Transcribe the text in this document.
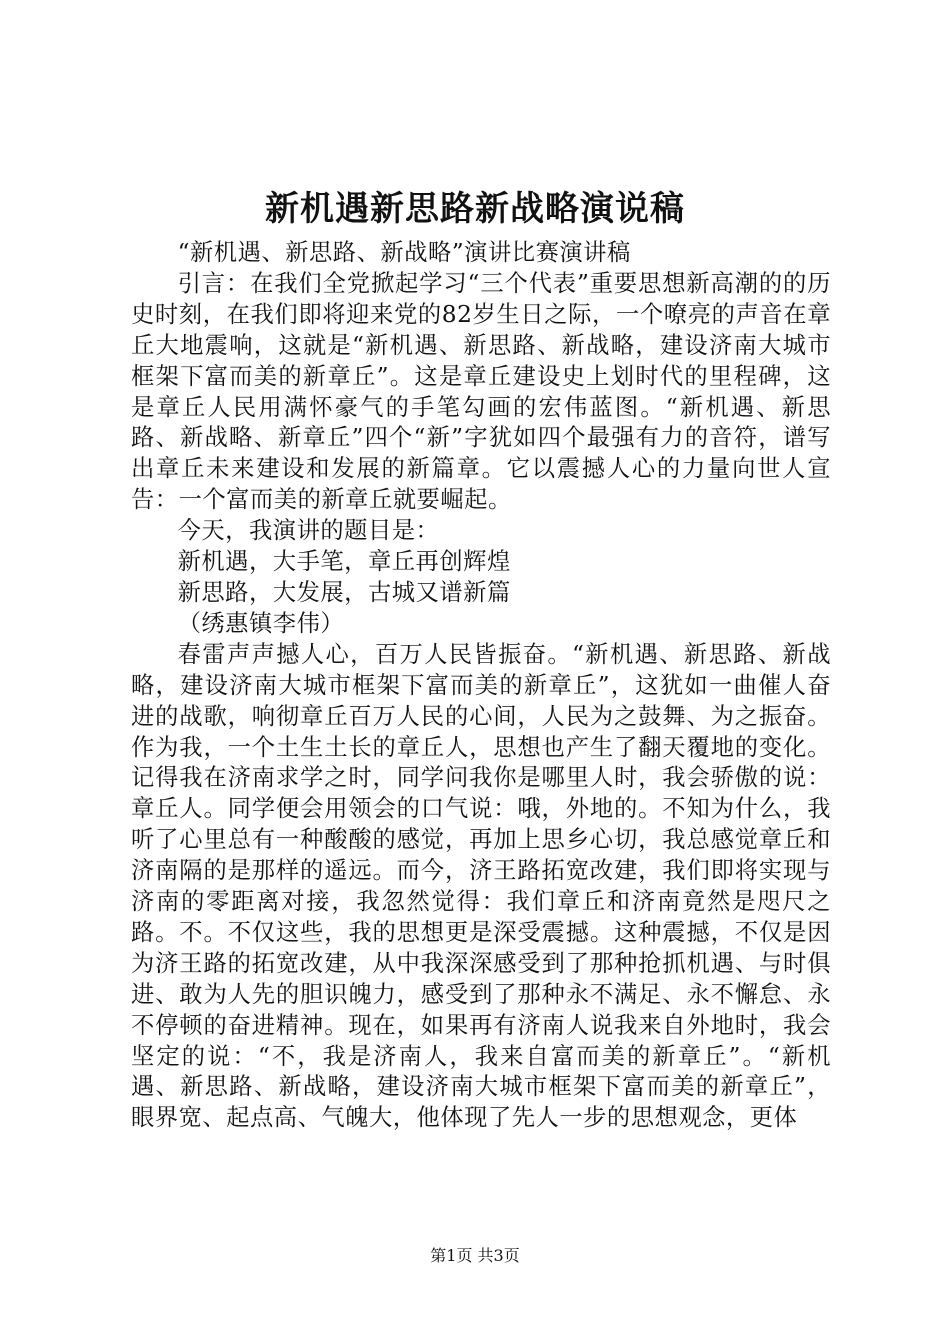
新机遇新思路新战略演说稿

“新机遇、新思路、新战略”演讲比赛演讲稿

引言：在我们全党掀起学习“三个代表”重要思想新高潮的的历史时刻，在我们即将迎来党的82岁生日之际，一个嘹亮的声音在章丘大地震响，这就是“新机遇、新思路、新战略，建设济南大城市框架下富而美的新章丘”。这是章丘建设史上划时代的里程碑，这是章丘人民用满怀豪气的手笔勾画的宏伟蓝图。“新机遇、新思路、新战略、新章丘”四个“新”字犹如四个最强有力的音符，谱写出章丘未来建设和发展的新篇章。它以震撼人心的力量向世人宣告：一个富而美的新章丘就要崛起。

今天，我演讲的题目是：

新机遇，大手笔，章丘再创辉煌

新思路，大发展，古城又谱新篇

（绣惠镇李伟）

春雷声声撼人心，百万人民皆振奋。“新机遇、新思路、新战略，建设济南大城市框架下富而美的新章丘”，这犹如一曲催人奋进的战歌，响彻章丘百万人民的心间，人民为之鼓舞、为之振奋。作为我，一个土生土长的章丘人，思想也产生了翻天覆地的变化。记得我在济南求学之时，同学问我你是哪里人时，我会骄傲的说：章丘人。同学便会用领会的口气说：哦，外地的。不知为什么，我听了心里总有一种酸酸的感觉，再加上思乡心切，我总感觉章丘和济南隔的是那样的遥远。而今，济王路拓宽改建，我们即将实现与济南的零距离对接，我忽然觉得：我们章丘和济南竟然是咫尺之路。不。不仅这些，我的思想更是深受震撼。这种震撼，不仅是因为济王路的拓宽改建，从中我深深感受到了那种抢抓机遇、与时俱进、敢为人先的胆识魄力，感受到了那种永不满足、永不懈怠、永不停顿的奋进精神。现在，如果再有济南人说我来自外地时，我会坚定的说：“不，我是济南人，我来自富而美的新章丘”。“新机遇、新思路、新战略，建设济南大城市框架下富而美的新章丘”，眼界宽、起点高、气魄大，他体现了先人一步的思想观念，更体

第1页 共3页
